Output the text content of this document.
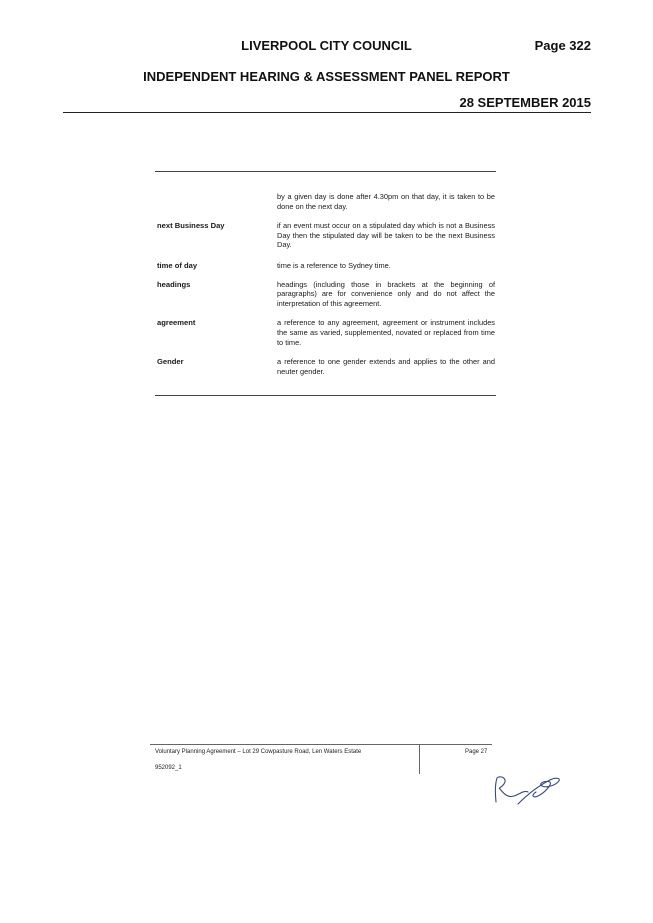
LIVERPOOL CITY COUNCIL	Page 322
INDEPENDENT HEARING & ASSESSMENT PANEL REPORT
28 SEPTEMBER 2015
by a given day is done after 4.30pm on that day, it is taken to be done on the next day.
next Business Day	if an event must occur on a stipulated day which is not a Business Day then the stipulated day will be taken to be the next Business Day.
time of day	time is a reference to Sydney time.
headings	headings (including those in brackets at the beginning of paragraphs) are for convenience only and do not affect the interpretation of this agreement.
agreement	a reference to any agreement, agreement or instrument includes the same as varied, supplemented, novated or replaced from time to time.
Gender	a reference to one gender extends and applies to the other and neuter gender.
Voluntary Planning Agreement – Lot 29 Cowpasture Road, Len Waters Estate
952092_1
Page 27
